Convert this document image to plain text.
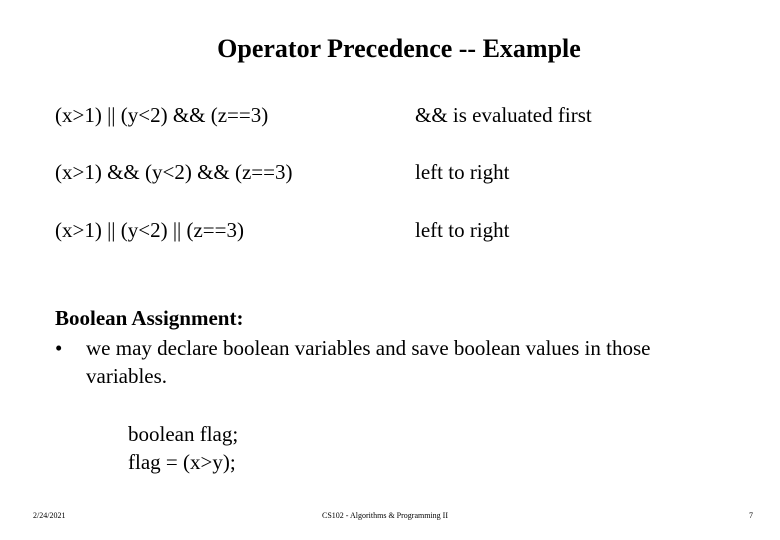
Operator Precedence -- Example
(x>1) || (y<2) && (z==3)	&& is evaluated first
(x>1) && (y<2) && (z==3)	left to right
(x>1) || (y<2) || (z==3)	left to right
Boolean Assignment:
• we may declare boolean variables and save boolean values in those variables.
boolean flag;
flag = (x>y);
2/24/2021	CS102 - Algorithms & Programming II	7
